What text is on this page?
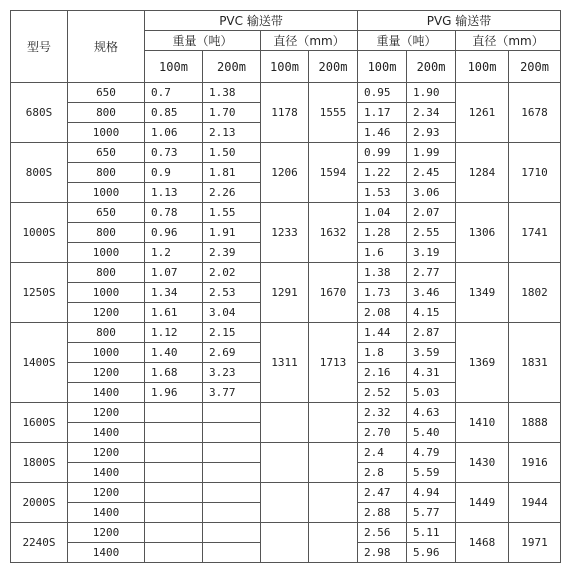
型号	规格	PVC 输送带				PVG 输送带			
		重量（吨）		直径（mm）		重量（吨）		直径（mm）	
		100m	200m	100m	200m	100m	200m	100m	200m
680S	650	0.7	1.38	1178	1555	0.95	1.90	1261	1678
	800	0.85	1.70			1.17	2.34		
	1000	1.06	2.13			1.46	2.93		
800S	650	0.73	1.50	1206	1594	0.99	1.99	1284	1710
	800	0.9	1.81			1.22	2.45		
	1000	1.13	2.26			1.53	3.06		
1000S	650	0.78	1.55	1233	1632	1.04	2.07	1306	1741
	800	0.96	1.91			1.28	2.55		
	1000	1.2	2.39			1.6	3.19		
1250S	800	1.07	2.02	1291	1670	1.38	2.77	1349	1802
	1000	1.34	2.53			1.73	3.46		
	1200	1.61	3.04			2.08	4.15		
1400S	800	1.12	2.15	1311	1713	1.44	2.87	1369	1831
	1000	1.40	2.69			1.8	3.59		
	1200	1.68	3.23			2.16	4.31		
	1400	1.96	3.77			2.52	5.03		
1600S	1200					2.32	4.63	1410	1888
	1400					2.70	5.40		
1800S	1200					2.4	4.79	1430	1916
	1400					2.8	5.59		
2000S	1200					2.47	4.94	1449	1944
	1400					2.88	5.77		
2240S	1200					2.56	5.11	1468	1971
	1400					2.98	5.96		
